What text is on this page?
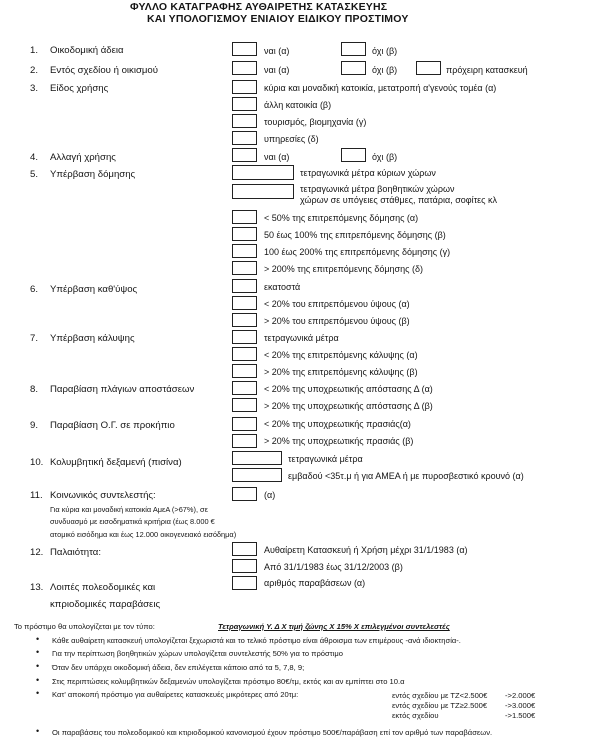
ΦΥΛΛΟ ΚΑΤΑΓΡΑΦΗΣ ΑΥΘΑΙΡΕΤΗΣ ΚΑΤΑΣΚΕΥΗΣ
ΚΑΙ ΥΠΟΛΟΓΙΣΜΟΥ ΕΝΙΑΙΟΥ ΕΙΔΙΚΟΥ ΠΡΟΣΤΙΜΟΥ
1. Οικοδομική άδεια	ναι (α)	όχι (β)
2. Εντός σχεδίου ή οικισμού	ναι (α)	όχι (β)	πρόχειρη κατασκευή
3. Είδος χρήσης	κύρια και μοναδική κατοικία, μετατροπή α'γενούς τομέα (α)
άλλη κατοικία (β)
τουρισμός, βιομηχανία (γ)
υπηρεσίες (δ)
4. Αλλαγή χρήσης	ναι (α)	όχι (β)
5. Υπέρβαση δόμησης	τετραγωνικά μέτρα κύριων χώρων
τετραγωνικά μέτρα βοηθητικών χώρων
χώρων σε υπόγειες στάθμες, πατάρια, σοφίτες κλ
< 50% της επιτρεπόμενης δόμησης (α)
50 έως 100% της επιτρεπόμενης δόμησης (β)
100 έως 200% της επιτρεπόμενης δόμησης (γ)
> 200% της επιτρεπόμενης δόμησης (δ)
6. Υπέρβαση καθ'ύψος	εκατοστά
< 20% του επιτρεπόμενου ύψους (α)
> 20% του επιτρεπόμενου ύψους (β)
7. Υπέρβαση κάλυψης	τετραγωνικά μέτρα
< 20% της επιτρεπόμενης κάλυψης (α)
> 20% της επιτρεπόμενης κάλυψης (β)
8. Παραβίαση πλάγιων αποστάσεων	< 20% της υποχρεωτικής απόστασης Δ (α)
> 20% της υποχρεωτικής απόστασης Δ (β)
9. Παραβίαση Ο.Γ. σε προκήπιο	< 20% της υποχρεωτικής πρασιάς(α)
> 20% της υποχρεωτικής πρασιάς (β)
10. Κολυμβητική δεξαμενή (πισίνα)	τετραγωνικά μέτρα
εμβαδού <35τ.μ ή για ΑΜΕΑ ή με πυροσβεστικό κρουνό (α)
11. Κοινωνικός συντελεστής:	(α)
Για κύρια και μοναδική κατοικία ΑμεΑ (>67%), σε
συνδυασμό με εισοδηματικά κριτήρια (έως 8.000 €
ατομικό εισόδημα και έως 12.000 οικογενειακό εισόδημα)
12. Παλαιότητα:	Αυθαίρετη Κατασκευή ή Χρήση μέχρι 31/1/1983 (α)
Από 31/1/1983 έως 31/12/2003 (β)
13. Λοιπές πολεοδομικές και
κπριοδομικές παραβάσεις
αριθμός παραβάσεων (α)
Το πρόστιμο θα υπολογίζεται με τον τύπο:	Τετραγωνική Υ. Δ Χ τιμή ζώνης Χ 15% Χ επιλεγμένοι συντελεστές
• Κάθε αυθαίρετη κατασκευή υπολογίζεται ξεχωριστά και το τελικό πρόστιμο είναι άθροισμα των επιμέρους -ανά ιδιοκτησία-.
• Για την περίπτωση βοηθητικών χώρων υπολογίζεται συντελεστής 50% για το πρόστιμο
• Όταν δεν υπάρχει οικοδομική άδεια, δεν επιλέγεται κάποιο από τα 5, 7,8, 9;
• Στις περιπτώσεις κολυμβητικών δεξαμενών υπολογίζεται πρόστιμο 80€/τμ, εκτός και αν εμπίπτει στο 10.α
• Κατ' αποκοπή πρόστιμο για αυθαίρετες κατασκευές μικρότερες από 20τμ:	εντός σχεδίου με ΤΖ<2.500€ ->2.000€
εντός σχεδίου με ΤΖ≥2.500€ ->3.000€
εκτός σχεδίου	->1.500€
• Οι παραβάσεις του πολεοδομικού και κτιριοδομικού κανονισμού έχουν πρόστιμο 500€/παράβαση επί τον αριθμό των παραβάσεων.
